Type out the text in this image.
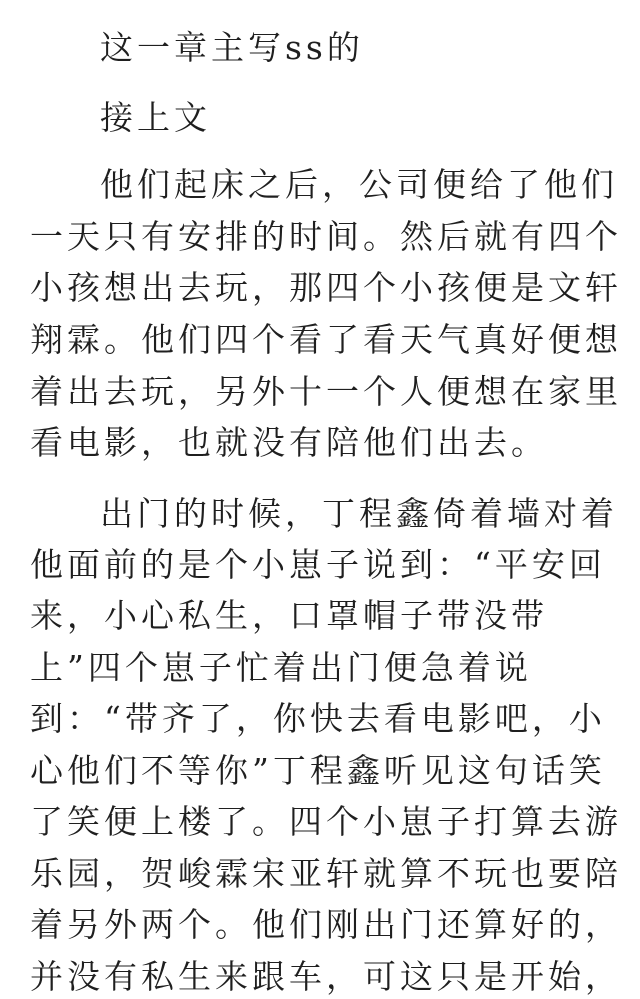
这一章主写ss的
接上文
他们起床之后，公司便给了他们
一天只有安排的时间。然后就有四个
小孩想出去玩，那四个小孩便是文轩
翔霖。他们四个看了看天气真好便想
着出去玩，另外十一个人便想在家里
看电影，也就没有陪他们出去。
出门的时候，丁程鑫倚着墙对着
他面前的是个小崽子说到：“平安回
来，小心私生，口罩帽子带没带
上”四个崽子忙着出门便急着说
到：“带齐了，你快去看电影吧，小
心他们不等你”丁程鑫听见这句话笑
了笑便上楼了。四个小崽子打算去游
乐园，贺峻霖宋亚轩就算不玩也要陪
着另外两个。他们刚出门还算好的，
并没有私生来跟车，可这只是开始，
